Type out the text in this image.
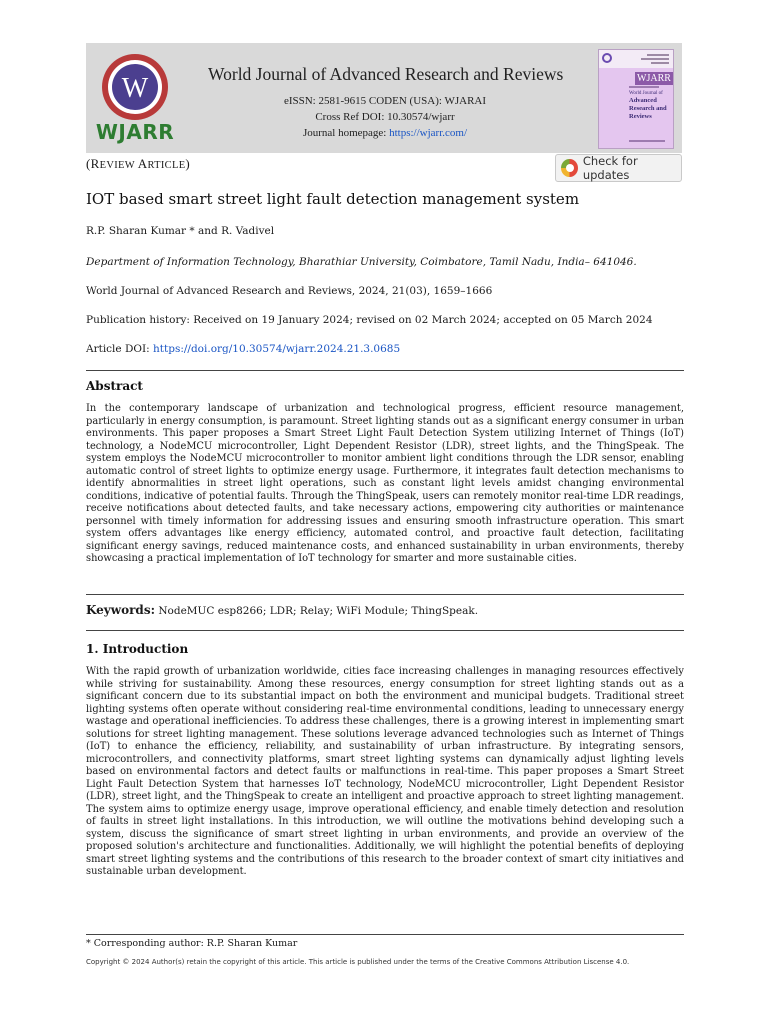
W
WJARR
World Journal of Advanced Research and Reviews
eISSN: 2581-9615 CODEN (USA): WJARAI
Cross Ref DOI: 10.30574/wjarr
Journal homepage: https://wjarr.com/
WJARR
World Journal of
Advanced
Research and
Reviews
(REVIEW ARTICLE)	Check for updates
IOT based smart street light fault detection management system
R.P. Sharan Kumar * and R. Vadivel
Department of Information Technology, Bharathiar University, Coimbatore, Tamil Nadu, India– 641046.
World Journal of Advanced Research and Reviews, 2024, 21(03), 1659–1666
Publication history: Received on 19 January 2024; revised on 02 March 2024; accepted on 05 March 2024
Article DOI: https://doi.org/10.30574/wjarr.2024.21.3.0685
Abstract
In the contemporary landscape of urbanization and technological progress, efficient resource management, particularly in energy consumption, is paramount. Street lighting stands out as a significant energy consumer in urban environments. This paper proposes a Smart Street Light Fault Detection System utilizing Internet of Things (IoT) technology, a NodeMCU microcontroller, Light Dependent Resistor (LDR), street lights, and the ThingSpeak. The system employs the NodeMCU microcontroller to monitor ambient light conditions through the LDR sensor, enabling automatic control of street lights to optimize energy usage. Furthermore, it integrates fault detection mechanisms to identify abnormalities in street light operations, such as constant light levels amidst changing environmental conditions, indicative of potential faults. Through the ThingSpeak, users can remotely monitor real-time LDR readings, receive notifications about detected faults, and take necessary actions, empowering city authorities or maintenance personnel with timely information for addressing issues and ensuring smooth infrastructure operation. This smart system offers advantages like energy efficiency, automated control, and proactive fault detection, facilitating significant energy savings, reduced maintenance costs, and enhanced sustainability in urban environments, thereby showcasing a practical implementation of IoT technology for smarter and more sustainable cities.
Keywords: NodeMUC esp8266; LDR; Relay; WiFi Module; ThingSpeak.
1. Introduction
With the rapid growth of urbanization worldwide, cities face increasing challenges in managing resources effectively while striving for sustainability. Among these resources, energy consumption for street lighting stands out as a significant concern due to its substantial impact on both the environment and municipal budgets. Traditional street lighting systems often operate without considering real-time environmental conditions, leading to unnecessary energy wastage and operational inefficiencies. To address these challenges, there is a growing interest in implementing smart solutions for street lighting management. These solutions leverage advanced technologies such as Internet of Things (IoT) to enhance the efficiency, reliability, and sustainability of urban infrastructure. By integrating sensors, microcontrollers, and connectivity platforms, smart street lighting systems can dynamically adjust lighting levels based on environmental factors and detect faults or malfunctions in real-time. This paper proposes a Smart Street Light Fault Detection System that harnesses IoT technology, NodeMCU microcontroller, Light Dependent Resistor (LDR), street light, and the ThingSpeak to create an intelligent and proactive approach to street lighting management. The system aims to optimize energy usage, improve operational efficiency, and enable timely detection and resolution of faults in street light installations. In this introduction, we will outline the motivations behind developing such a system, discuss the significance of smart street lighting in urban environments, and provide an overview of the proposed solution's architecture and functionalities. Additionally, we will highlight the potential benefits of deploying smart street lighting systems and the contributions of this research to the broader context of smart city initiatives and sustainable urban development.
* Corresponding author: R.P. Sharan Kumar
Copyright © 2024 Author(s) retain the copyright of this article. This article is published under the terms of the Creative Commons Attribution Liscense 4.0.
